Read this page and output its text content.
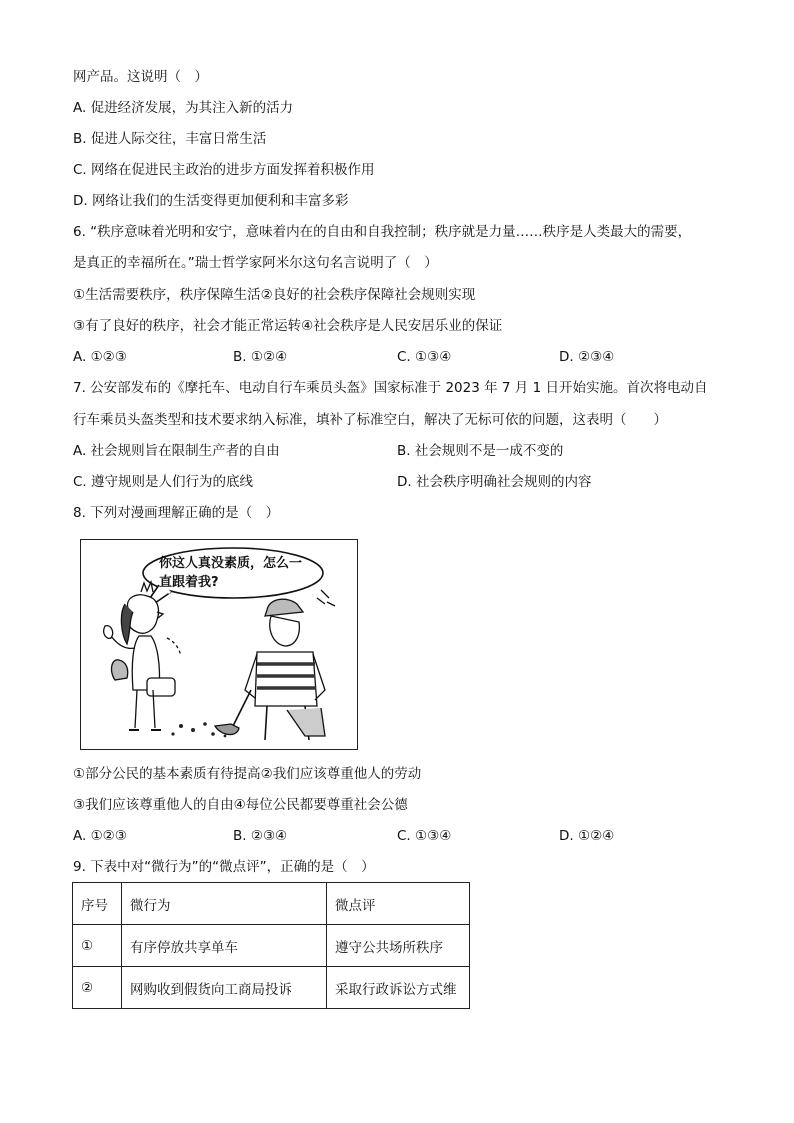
网产品。这说明（　）
A. 促进经济发展，为其注入新的活力
B. 促进人际交往，丰富日常生活
C. 网络在促进民主政治的进步方面发挥着积极作用
D. 网络让我们的生活变得更加便利和丰富多彩
6. “秩序意味着光明和安宁，意味着内在的自由和自我控制；秩序就是力量……秩序是人类最大的需要，
是真正的幸福所在。”瑞士哲学家阿米尔这句名言说明了（　）
①生活需要秩序，秩序保障生活②良好的社会秩序保障社会规则实现
③有了良好的秩序，社会才能正常运转④社会秩序是人民安居乐业的保证
A. ①②③	B. ①②④	C. ①③④	D. ②③④
7. 公安部发布的《摩托车、电动自行车乘员头盔》国家标准于 2023 年 7 月 1 日开始实施。首次将电动自
行车乘员头盔类型和技术要求纳入标准，填补了标准空白，解决了无标可依的问题，这表明（　　）
A. 社会规则旨在限制生产者的自由	B. 社会规则不是一成不变的
C. 遵守规则是人们行为的底线	D. 社会秩序明确社会规则的内容
8. 下列对漫画理解正确的是（　）
你这人真没素质，怎么一直跟着我?
①部分公民的基本素质有待提高②我们应该尊重他人的劳动
③我们应该尊重他人的自由④每位公民都要尊重社会公德
A. ①②③	B. ②③④	C. ①③④	D. ①②④
9. 下表中对“微行为”的“微点评”，正确的是（　）
序号	微行为	微点评
①	有序停放共享单车	遵守公共场所秩序
②	网购收到假货向工商局投诉	采取行政诉讼方式维
